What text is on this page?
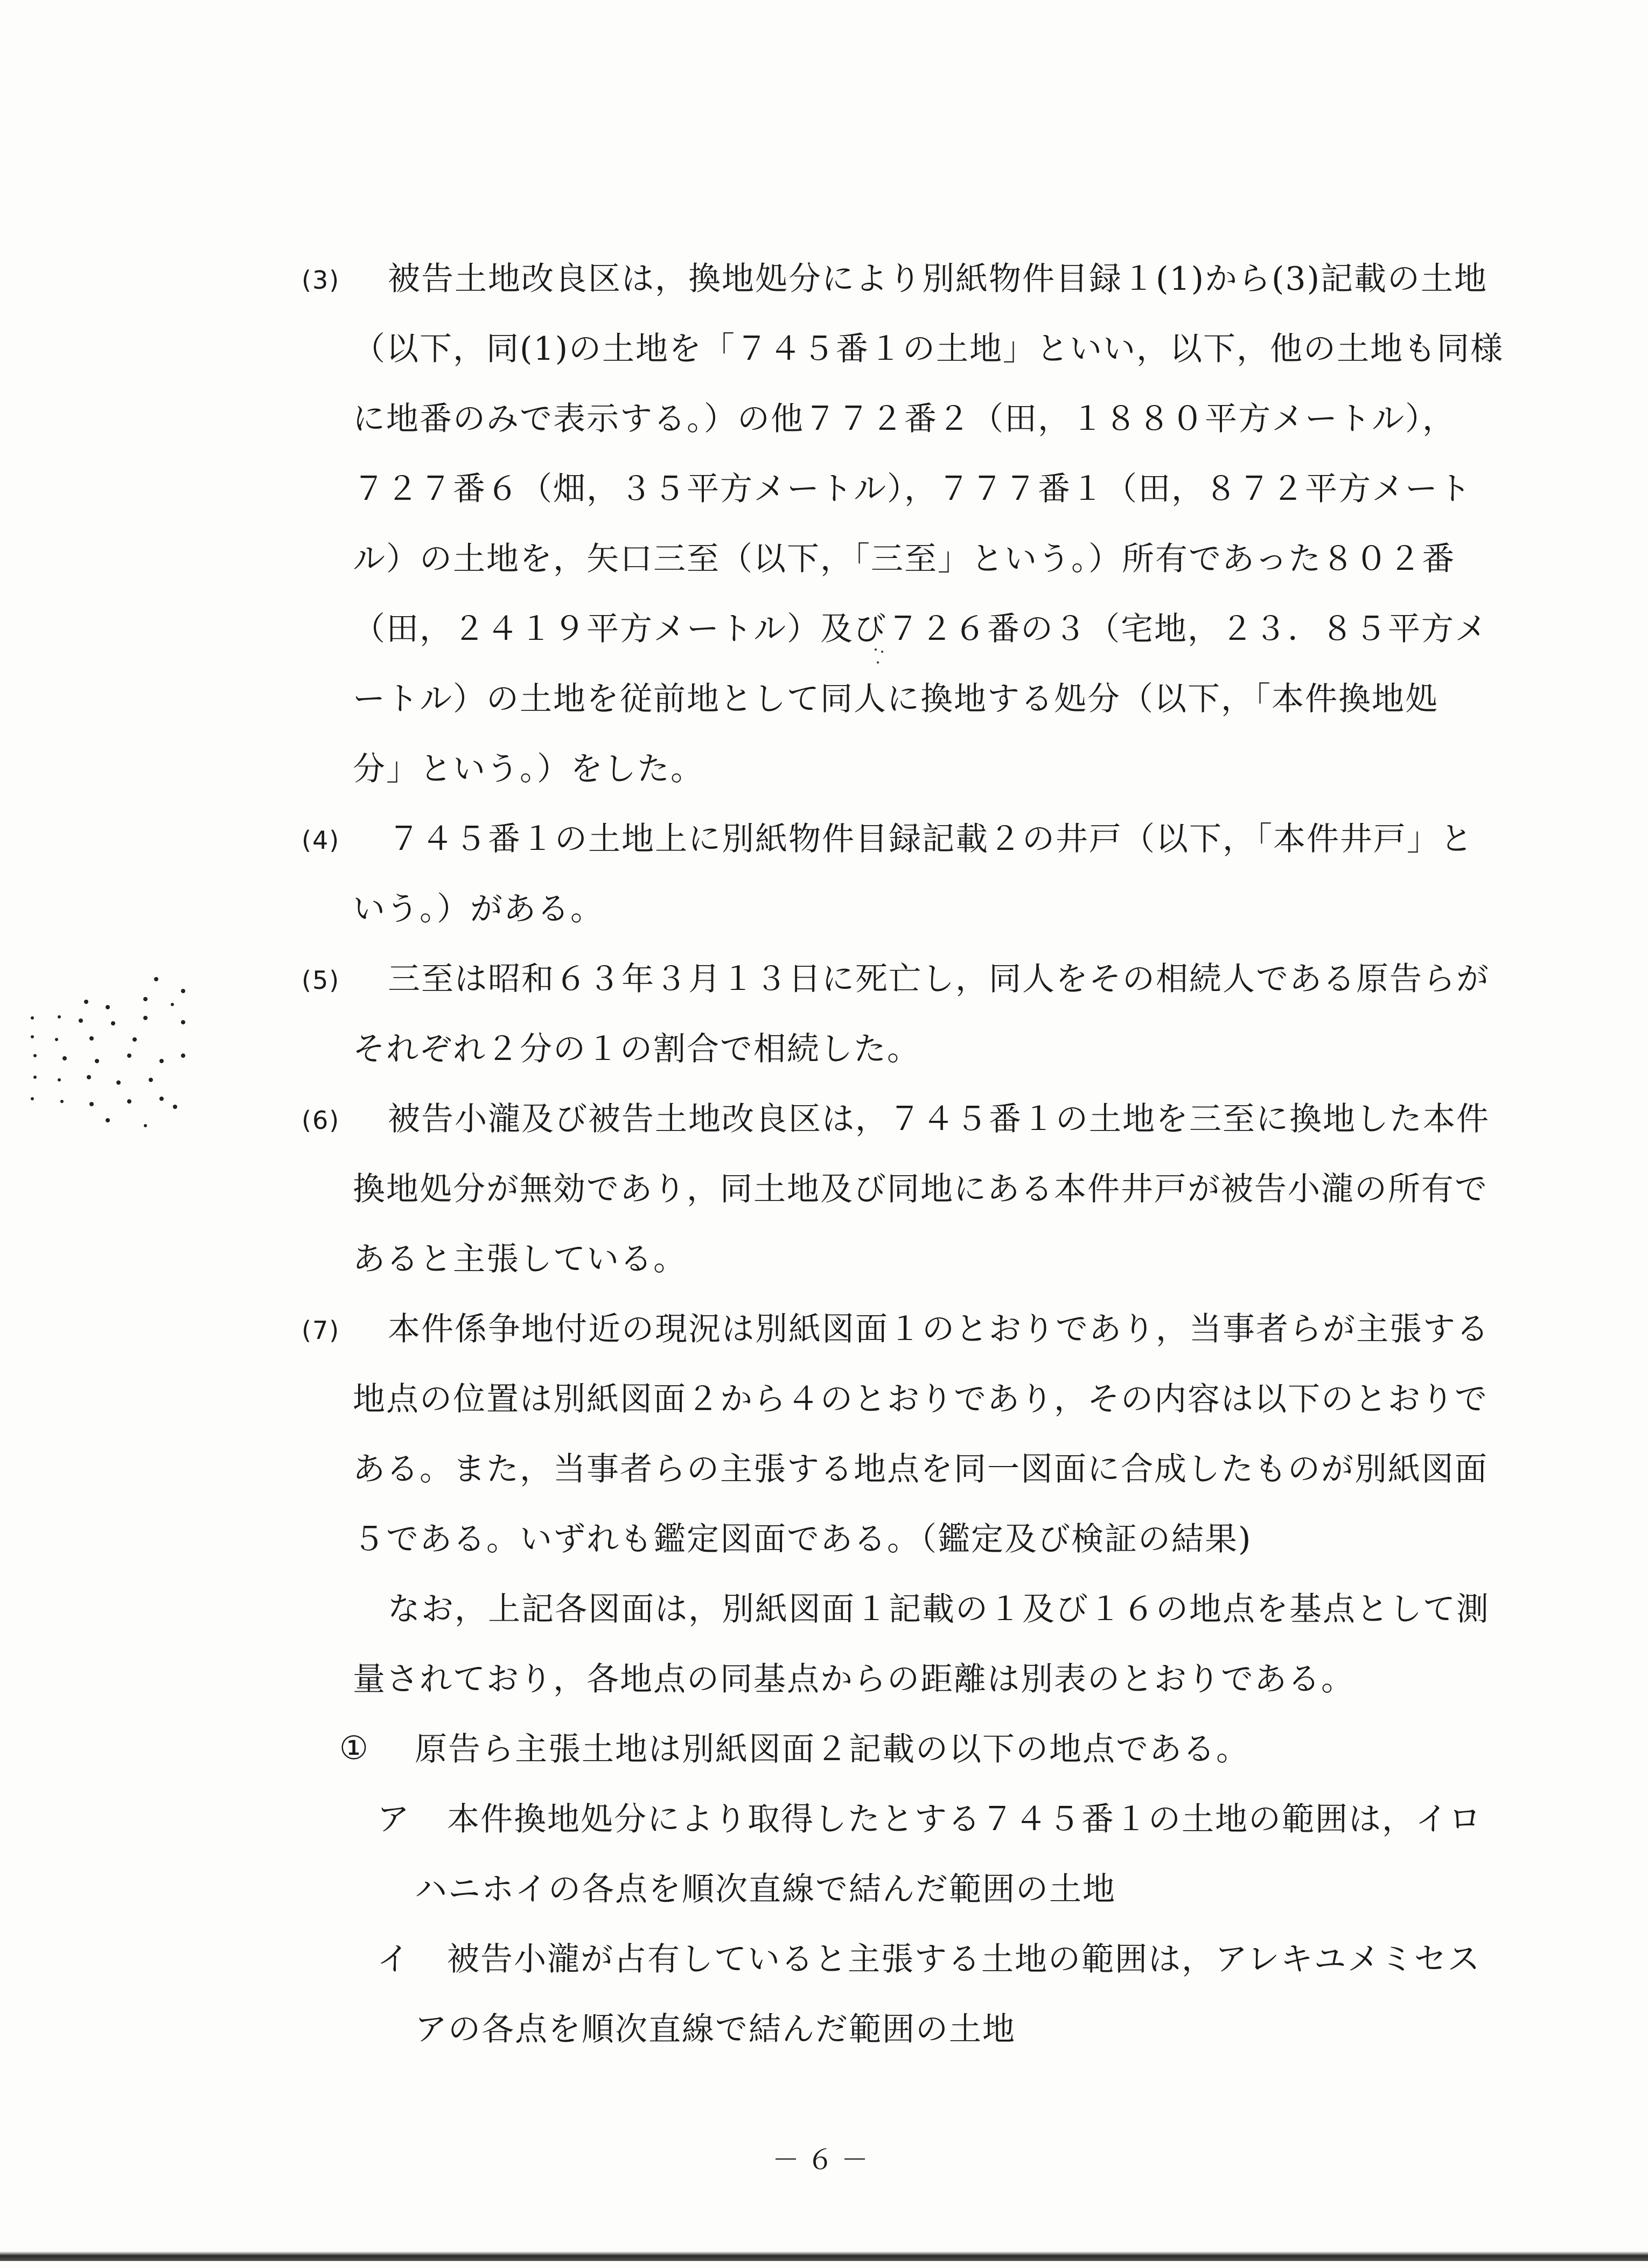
(3) 被告土地改良区は，換地処分により別紙物件目録１(1)から(3)記載の土地
（以下，同(1)の土地を「７４５番１の土地」といい，以下，他の土地も同様
に地番のみで表示する。）の他７７２番２（田，１８８０平方メートル），
７２７番６（畑，３５平方メートル），７７７番１（田，８７２平方メート
ル）の土地を，矢口三至（以下，「三至」という。）所有であった８０２番
（田，２４１９平方メートル）及び７２６番の３（宅地，２３．８５平方メ
ートル）の土地を従前地として同人に換地する処分（以下，「本件換地処
分」という。）をした。
(4) ７４５番１の土地上に別紙物件目録記載２の井戸（以下，「本件井戸」と
いう。）がある。
(5) 三至は昭和６３年３月１３日に死亡し，同人をその相続人である原告らが
それぞれ２分の１の割合で相続した。
(6) 被告小瀧及び被告土地改良区は，７４５番１の土地を三至に換地した本件
換地処分が無効であり，同土地及び同地にある本件井戸が被告小瀧の所有で
あると主張している。
(7) 本件係争地付近の現況は別紙図面１のとおりであり，当事者らが主張する
地点の位置は別紙図面２から４のとおりであり，その内容は以下のとおりで
ある。また，当事者らの主張する地点を同一図面に合成したものが別紙図面
５である。いずれも鑑定図面である。（鑑定及び検証の結果)
なお，上記各図面は，別紙図面１記載の１及び１６の地点を基点として測
量されており，各地点の同基点からの距離は別表のとおりである。
① 原告ら主張土地は別紙図面２記載の以下の地点である。
ア 本件換地処分により取得したとする７４５番１の土地の範囲は，イロ
ハニホイの各点を順次直線で結んだ範囲の土地
イ 被告小瀧が占有していると主張する土地の範囲は，アレキユメミセス
アの各点を順次直線で結んだ範囲の土地
－６－
